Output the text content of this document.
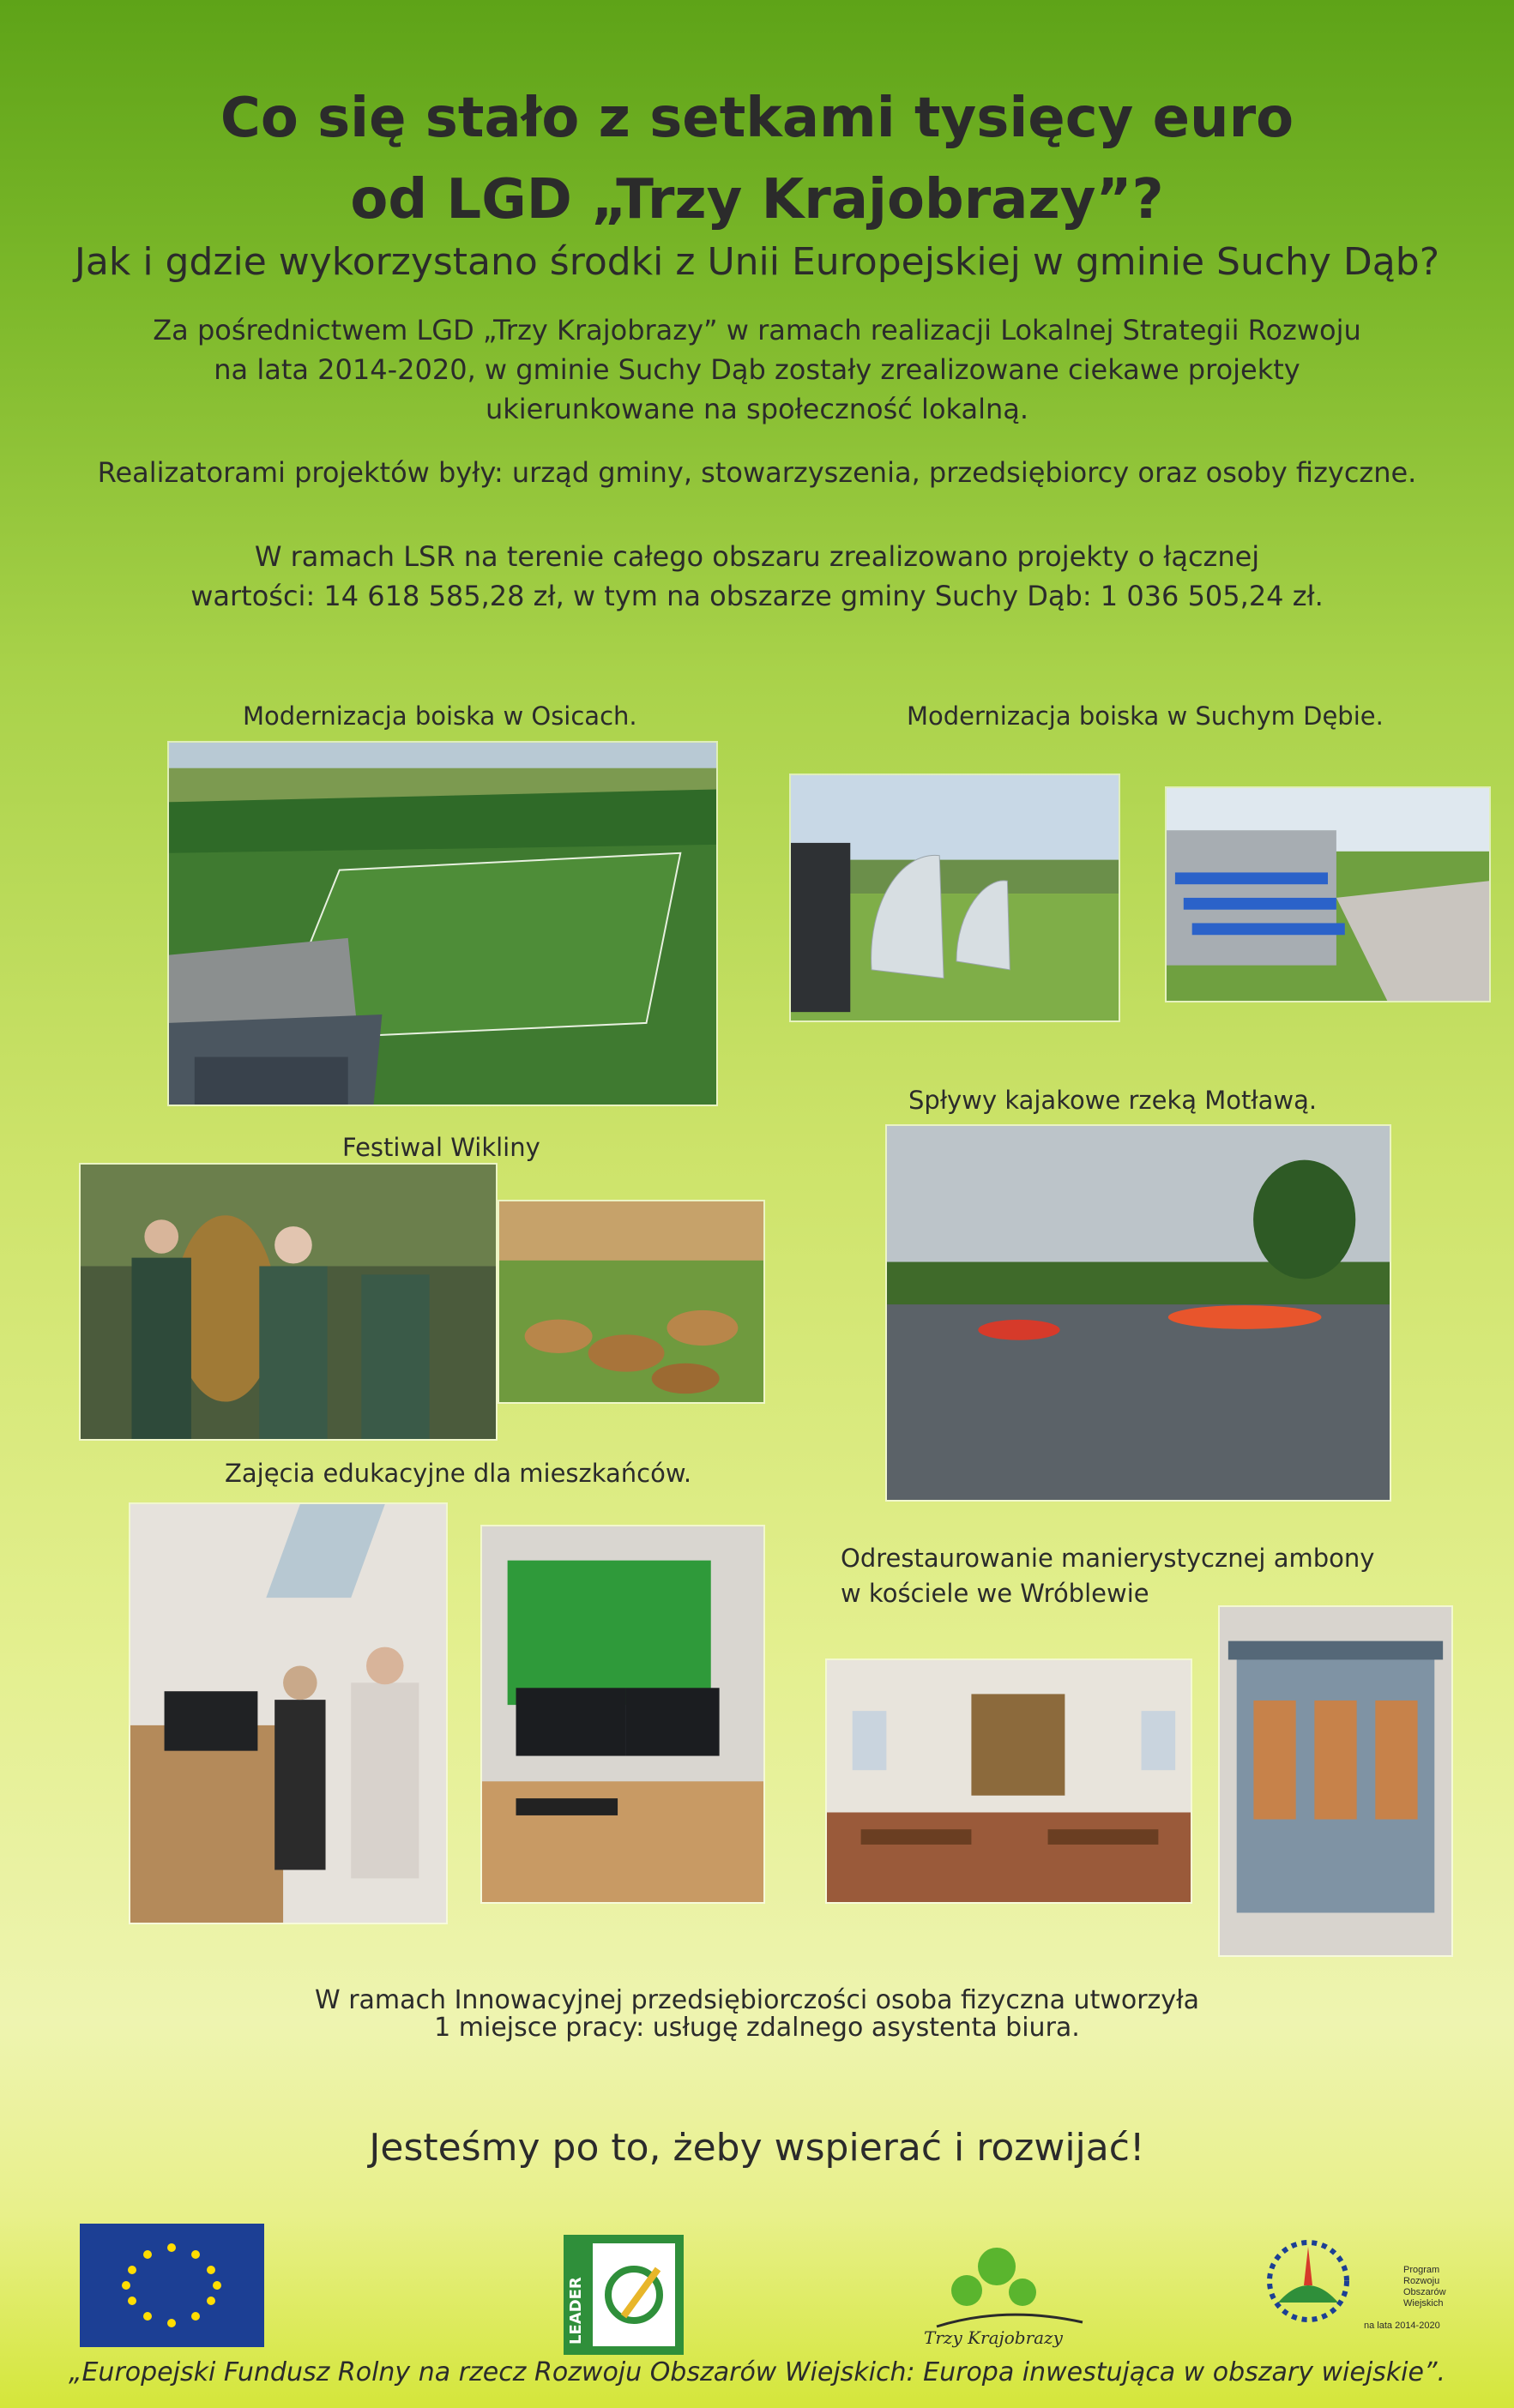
Co się stało z setkami tysięcy euro
od LGD „Trzy Krajobrazy”?
Jak i gdzie wykorzystano środki z Unii Europejskiej w gminie Suchy Dąb?
Za pośrednictwem LGD „Trzy Krajobrazy” w ramach realizacji Lokalnej Strategii Rozwoju
na lata 2014-2020, w gminie Suchy Dąb zostały zrealizowane ciekawe projekty
ukierunkowane na społeczność lokalną.
Realizatorami projektów były: urząd gminy, stowarzyszenia, przedsiębiorcy oraz osoby fizyczne.
W ramach LSR na terenie całego obszaru zrealizowano projekty o łącznej
wartości: 14 618 585,28 zł, w tym na obszarze gminy Suchy Dąb: 1 036 505,24 zł.
Modernizacja boiska w Osicach.	Modernizacja boiska w Suchym Dębie.
Spływy kajakowe rzeką Motławą.
Festiwal Wikliny
Zajęcia edukacyjne dla mieszkańców.
Odrestaurowanie manierystycznej ambony
w kościele we Wróblewie
W ramach Innowacyjnej przedsiębiorczości osoba fizyczna utworzyła
1 miejsce pracy: usługę zdalnego asystenta biura.
Jesteśmy po to, żeby wspierać i rozwijać!
LEADER	Trzy Krajobrazy
Program
Rozwoju
Obszarów
Wiejskich
na lata 2014-2020
„Europejski Fundusz Rolny na rzecz Rozwoju Obszarów Wiejskich: Europa inwestująca w obszary wiejskie”.
